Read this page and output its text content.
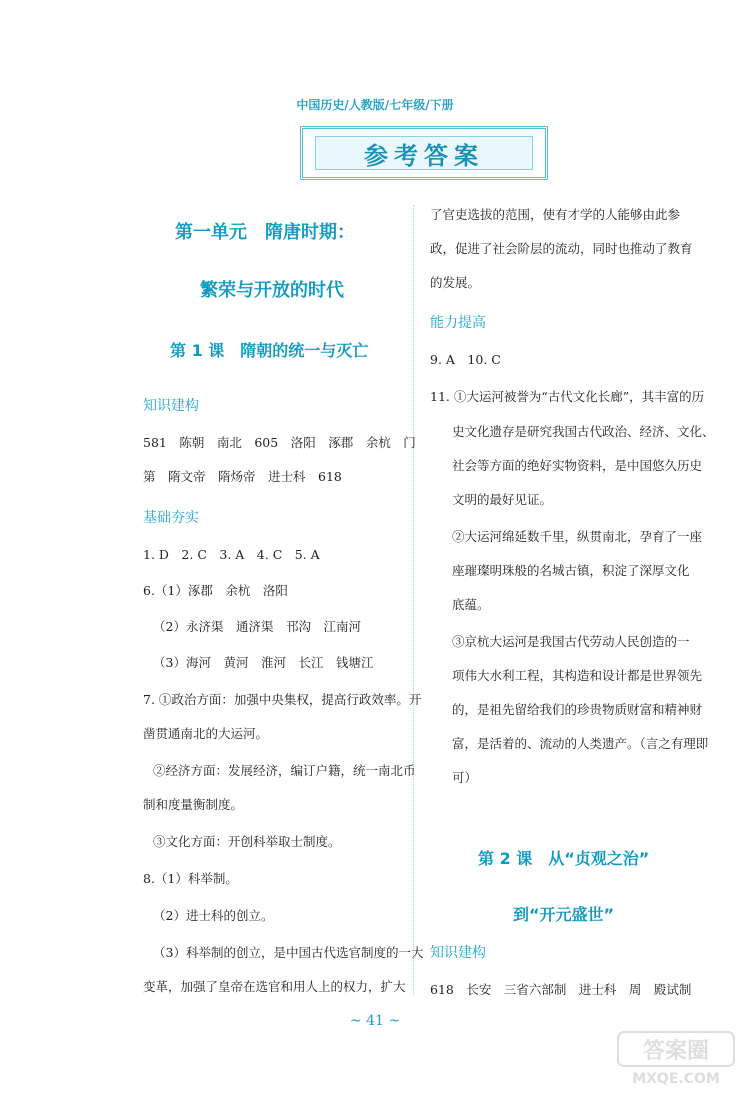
中国历史/人教版/七年级/下册
参考答案
第一单元　隋唐时期：
繁荣与开放的时代
第 1 课　隋朝的统一与灭亡
知识建构
581　陈朝　南北　605　洛阳　涿郡　余杭　门
第　隋文帝　隋炀帝　进士科　618
基础夯实
1. D　2. C　3. A　4. C　5. A
6.（1）涿郡　余杭　洛阳
（2）永济渠　通济渠　邗沟　江南河
（3）海河　黄河　淮河　长江　钱塘江
7. ①政治方面：加强中央集权，提高行政效率。开
凿贯通南北的大运河。
②经济方面：发展经济，编订户籍，统一南北币
制和度量衡制度。
③文化方面：开创科举取士制度。
8.（1）科举制。
（2）进士科的创立。
（3）科举制的创立，是中国古代选官制度的一大
变革，加强了皇帝在选官和用人上的权力，扩大
了官吏选拔的范围，使有才学的人能够由此参
政，促进了社会阶层的流动，同时也推动了教育
的发展。
能力提高
9. A　10. C
11. ①大运河被誉为“古代文化长廊”，其丰富的历
史文化遗存是研究我国古代政治、经济、文化、
社会等方面的绝好实物资料，是中国悠久历史
文明的最好见证。
②大运河绵延数千里，纵贯南北，孕育了一座
座璀璨明珠般的名城古镇，积淀了深厚文化
底蕴。
③京杭大运河是我国古代劳动人民创造的一
项伟大水利工程，其构造和设计都是世界领先
的，是祖先留给我们的珍贵物质财富和精神财
富，是活着的、流动的人类遗产。（言之有理即
可）
第 2 课　从“贞观之治”
到“开元盛世”
知识建构
618　长安　三省六部制　进士科　周　殿试制
~ 41 ~
答案圈
MXQE.COM
